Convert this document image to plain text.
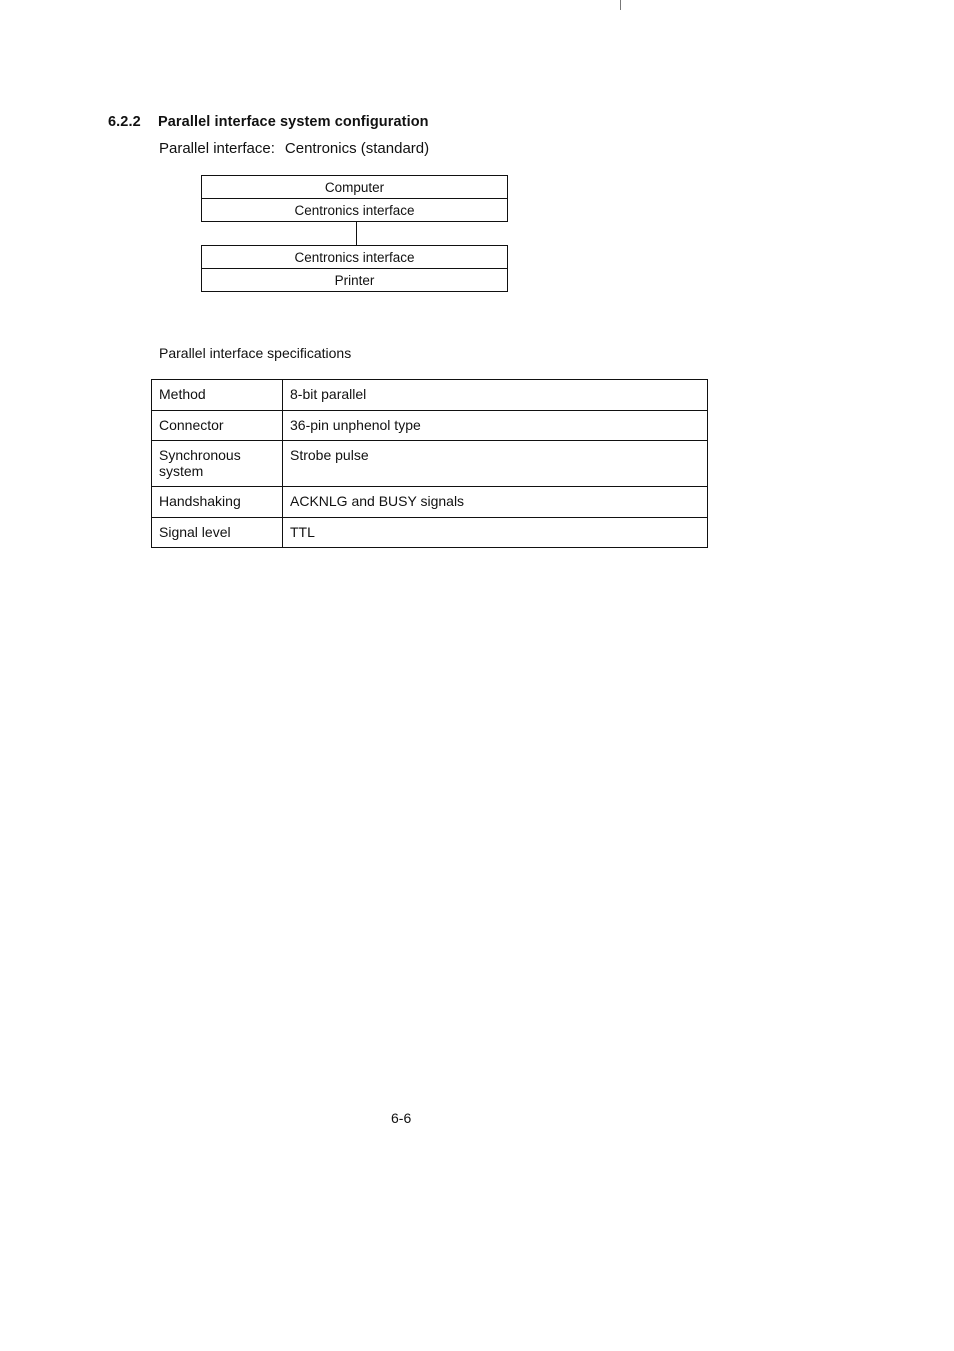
6.2.2 Parallel interface system configuration
Parallel interface: Centronics (standard)
Computer
Centronics interface
Centronics interface
Printer
Parallel interface specifications
Method	8-bit parallel
Connector	36-pin unphenol type
Synchronous system	Strobe pulse
Handshaking	ACKNLG and BUSY signals
Signal level	TTL
6-6
